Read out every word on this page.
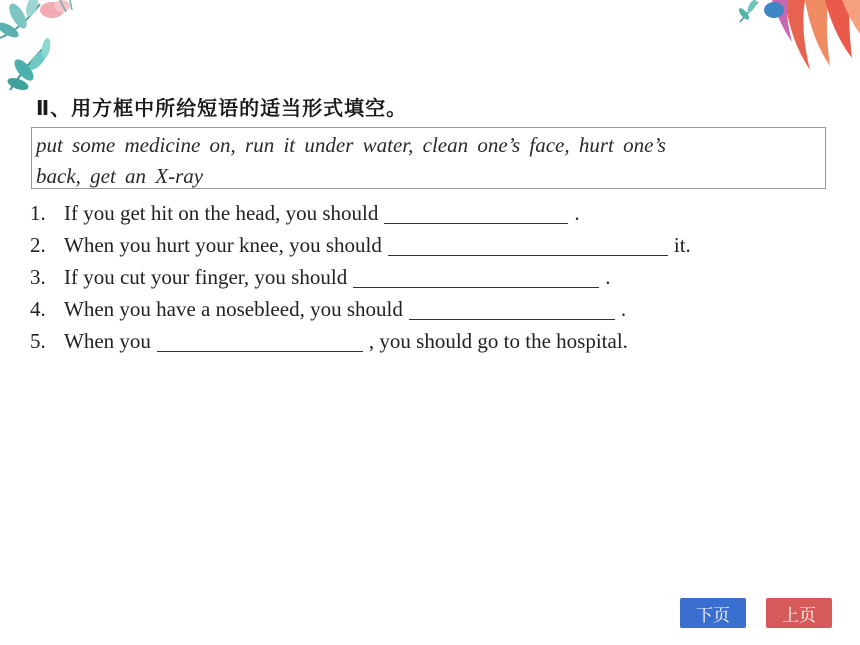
Ⅱ、用方框中所给短语的适当形式填空。
put some medicine on, run it under water, clean one’s face, hurt one’s
back, get an X-ray
1. If you get hit on the head, you should	.
2. When you hurt your knee, you should	it.
3. If you cut your finger, you should	.
4. When you have a nosebleed, you should	.
5. When you	, you should go to the hospital.
下页	上页
